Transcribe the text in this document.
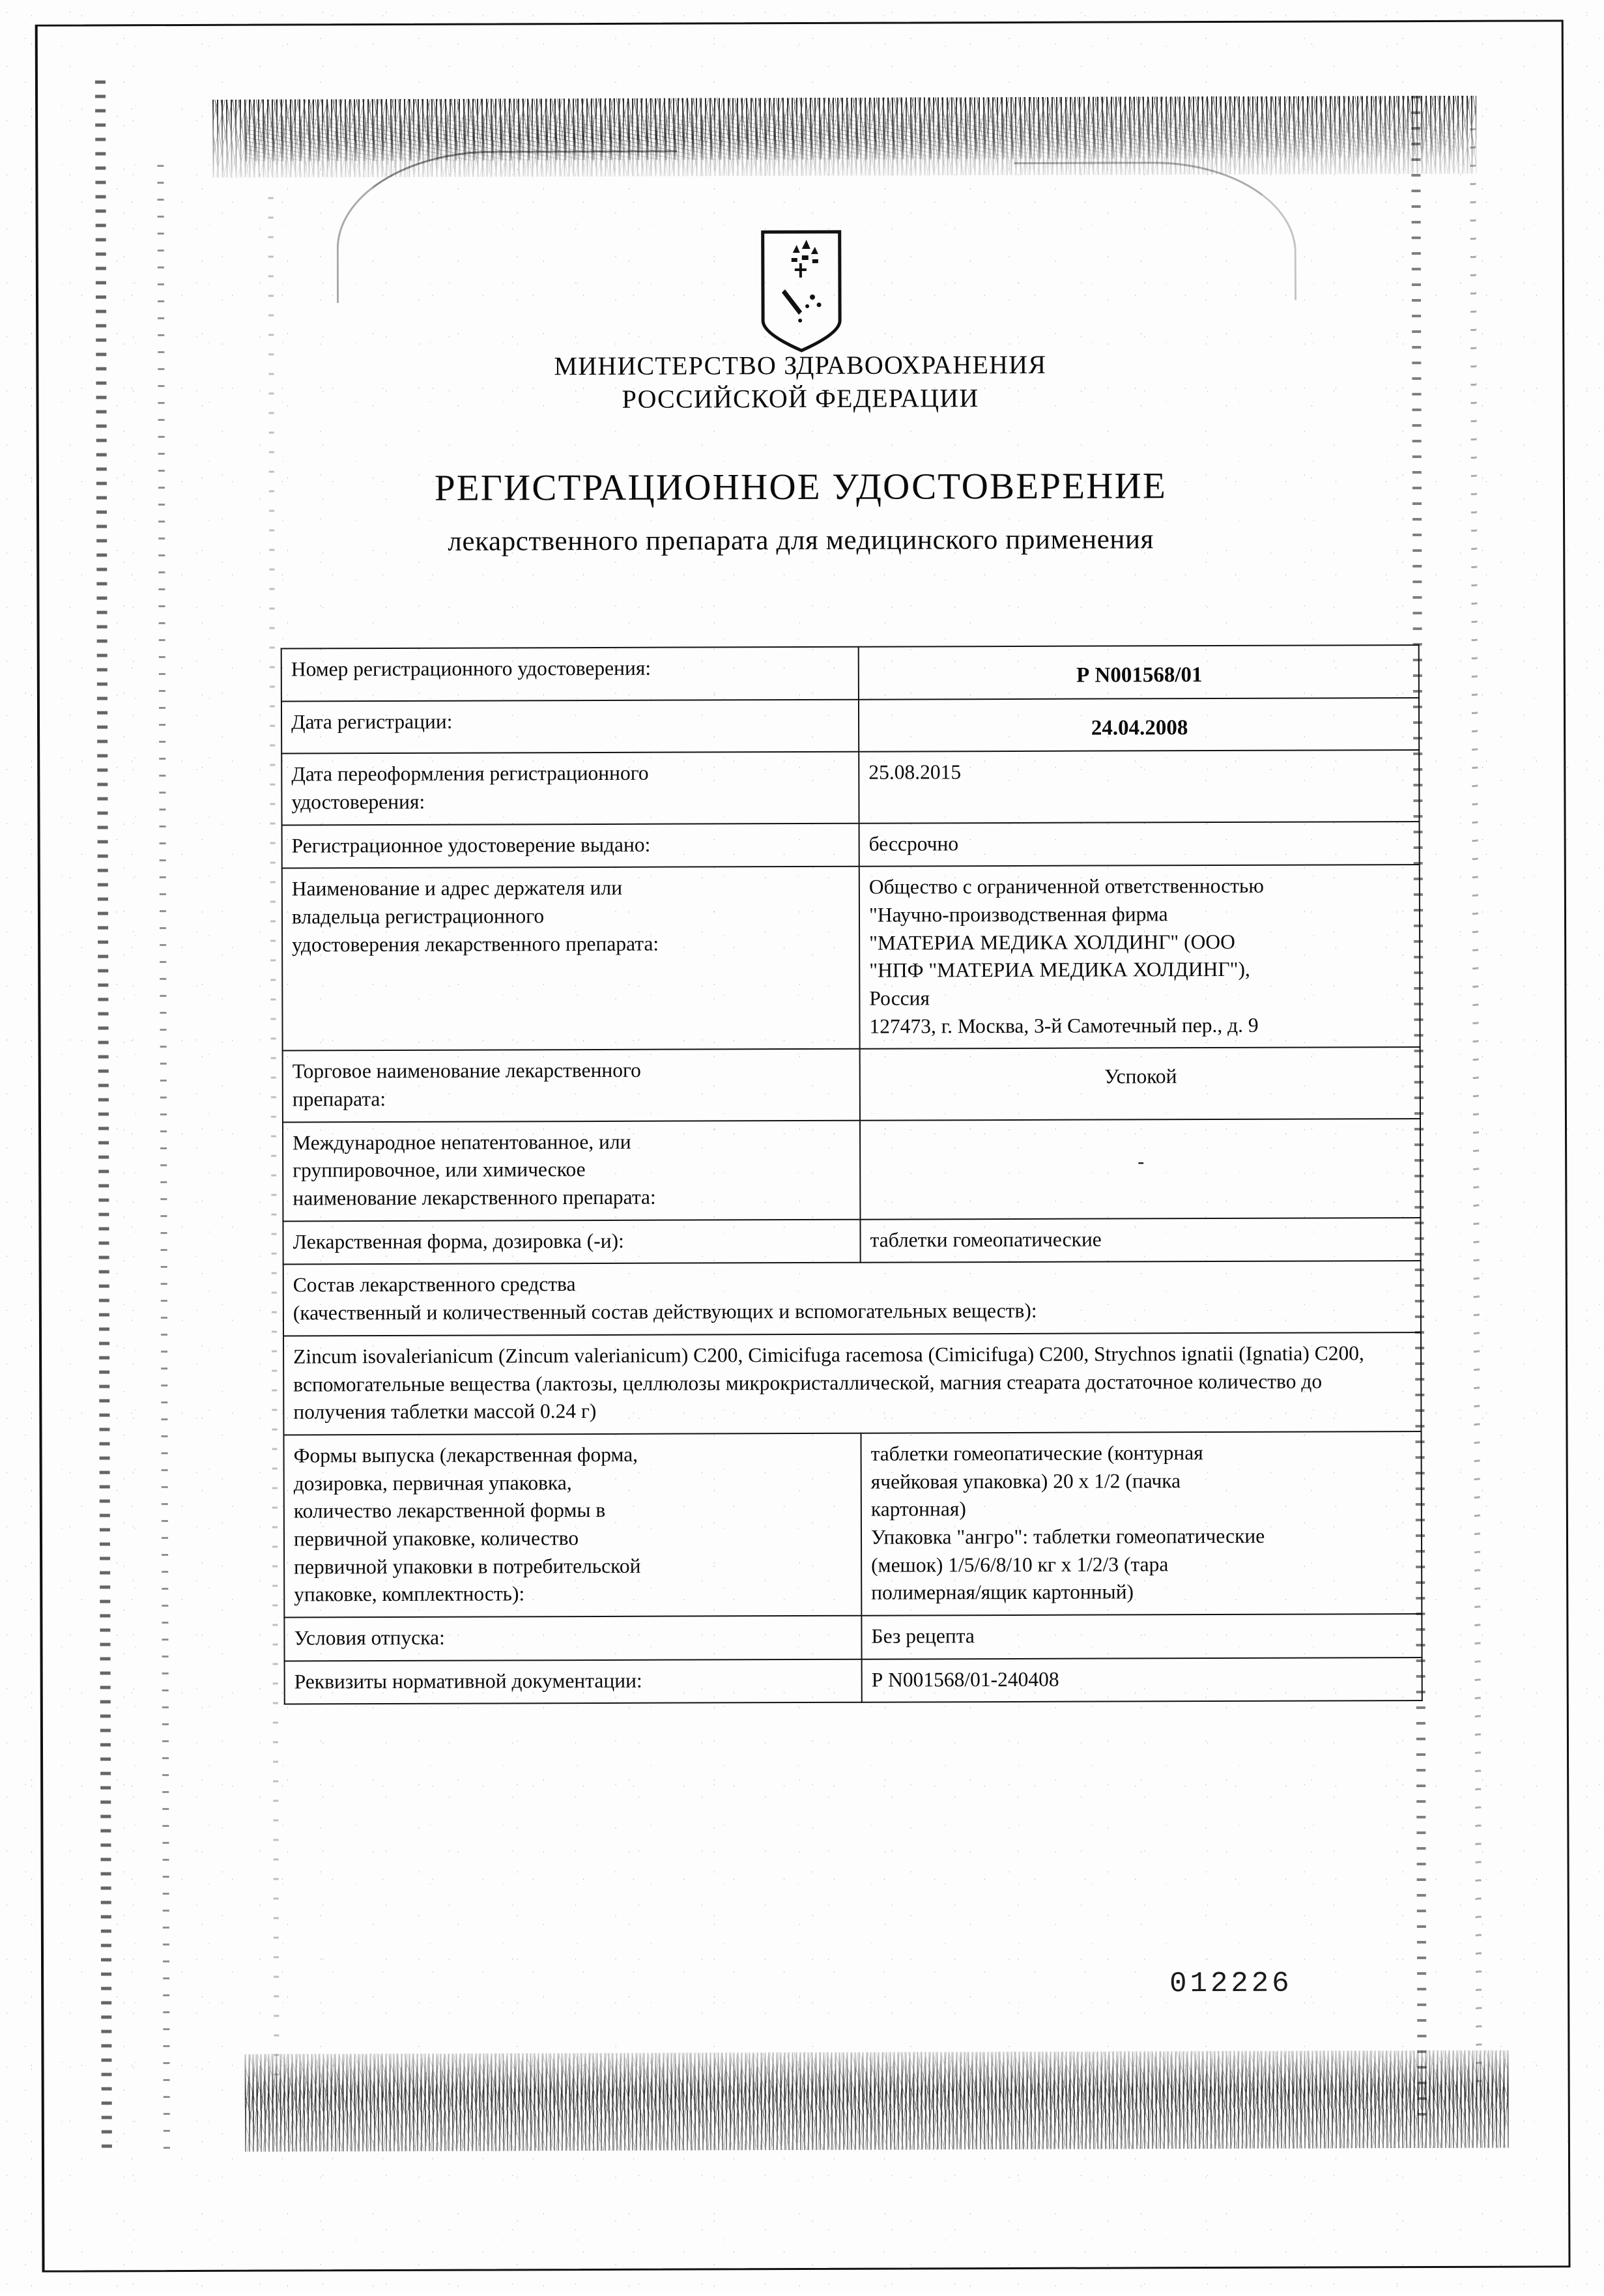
МИНИСТЕРСТВО ЗДРАВООХРАНЕНИЯ
РОССИЙСКОЙ ФЕДЕРАЦИИ
РЕГИСТРАЦИОННОЕ УДОСТОВЕРЕНИЕ
лекарственного препарата для медицинского применения
Номер регистрационного удостоверения:	Р N001568/01
Дата регистрации:	24.04.2008
Дата переоформления регистрационного
удостоверения:	25.08.2015
Регистрационное удостоверение выдано:	бессрочно
Наименование и адрес держателя или
владельца регистрационного
удостоверения лекарственного препарата:	Общество с ограниченной ответственностью
"Научно-производственная фирма
"МАТЕРИА МЕДИКА ХОЛДИНГ" (ООО
"НПФ "МАТЕРИА МЕДИКА ХОЛДИНГ"),
Россия
127473, г. Москва, 3-й Самотечный пер., д. 9
Торговое наименование лекарственного
препарата:	Успокой
Международное непатентованное, или
группировочное, или химическое
наименование лекарственного препарата:	-

Лекарственная форма, дозировка (-и):	таблетки гомеопатические
Состав лекарственного средства
(качественный и количественный состав действующих и вспомогательных веществ):	
Zincum isovalerianicum (Zincum valerianicum) C200, Cimicifuga racemosa (Cimicifuga) C200, Strychnos ignatii (Ignatia) C200, вспомогательные вещества (лактозы, целлюлозы микрокристаллической, магния стеарата достаточное количество до получения таблетки массой 0.24 г)	
Формы выпуска (лекарственная форма,
дозировка, первичная упаковка,
количество лекарственной формы в
первичной упаковке, количество
первичной упаковки в потребительской
упаковке, комплектность):	таблетки гомеопатические (контурная
ячейковая упаковка) 20 х 1/2 (пачка
картонная)
Упаковка "ангро": таблетки гомеопатические
(мешок) 1/5/6/8/10 кг х 1/2/3 (тара
полимерная/ящик картонный)
Условия отпуска:	Без рецепта
Реквизиты нормативной документации:	Р N001568/01-240408
012226
